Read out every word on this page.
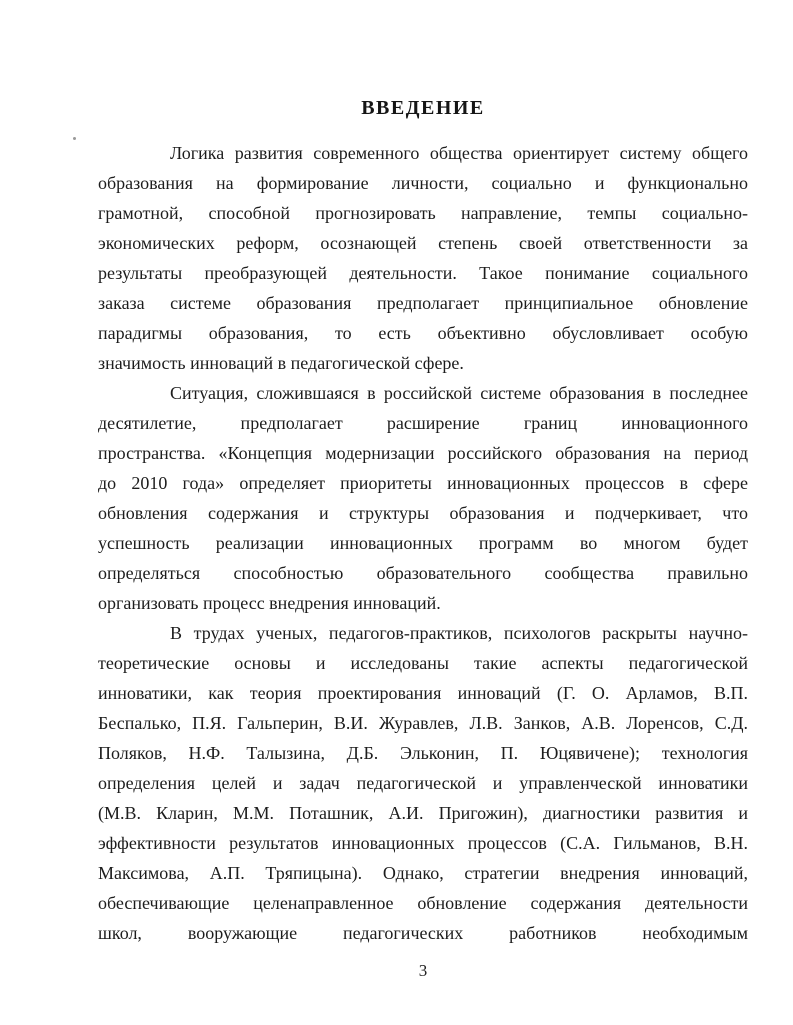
ВВЕДЕНИЕ
Логика развития современного общества ориентирует систему общего
образования на формирование личности, социально и функционально
грамотной, способной прогнозировать направление, темпы социально-
экономических реформ, осознающей степень своей ответственности за
результаты преобразующей деятельности. Такое понимание социального
заказа системе образования предполагает принципиальное обновление
парадигмы образования, то есть объективно обусловливает особую
значимость инноваций в педагогической сфере.
Ситуация, сложившаяся в российской системе образования в последнее
десятилетие, предполагает расширение границ инновационного
пространства. «Концепция модернизации российского образования на период
до 2010 года» определяет приоритеты инновационных процессов в сфере
обновления содержания и структуры образования и подчеркивает, что
успешность реализации инновационных программ во многом будет
определяться способностью образовательного сообщества правильно
организовать процесс внедрения инноваций.
В трудах ученых, педагогов-практиков, психологов раскрыты научно-
теоретические основы и исследованы такие аспекты педагогической
инноватики, как теория проектирования инноваций (Г. О. Арламов, В.П.
Беспалько, П.Я. Гальперин, В.И. Журавлев, Л.В. Занков, А.В. Лоренсов, С.Д.
Поляков, Н.Ф. Талызина, Д.Б. Эльконин, П. Юцявичене); технология
определения целей и задач педагогической и управленческой инноватики
(М.В. Кларин, М.М. Поташник, А.И. Пригожин), диагностики развития и
эффективности результатов инновационных процессов (С.А. Гильманов, В.Н.
Максимова, А.П. Тряпицына). Однако, стратегии внедрения инноваций,
обеспечивающие целенаправленное обновление содержания деятельности
школ, вооружающие педагогических работников необходимым
3
